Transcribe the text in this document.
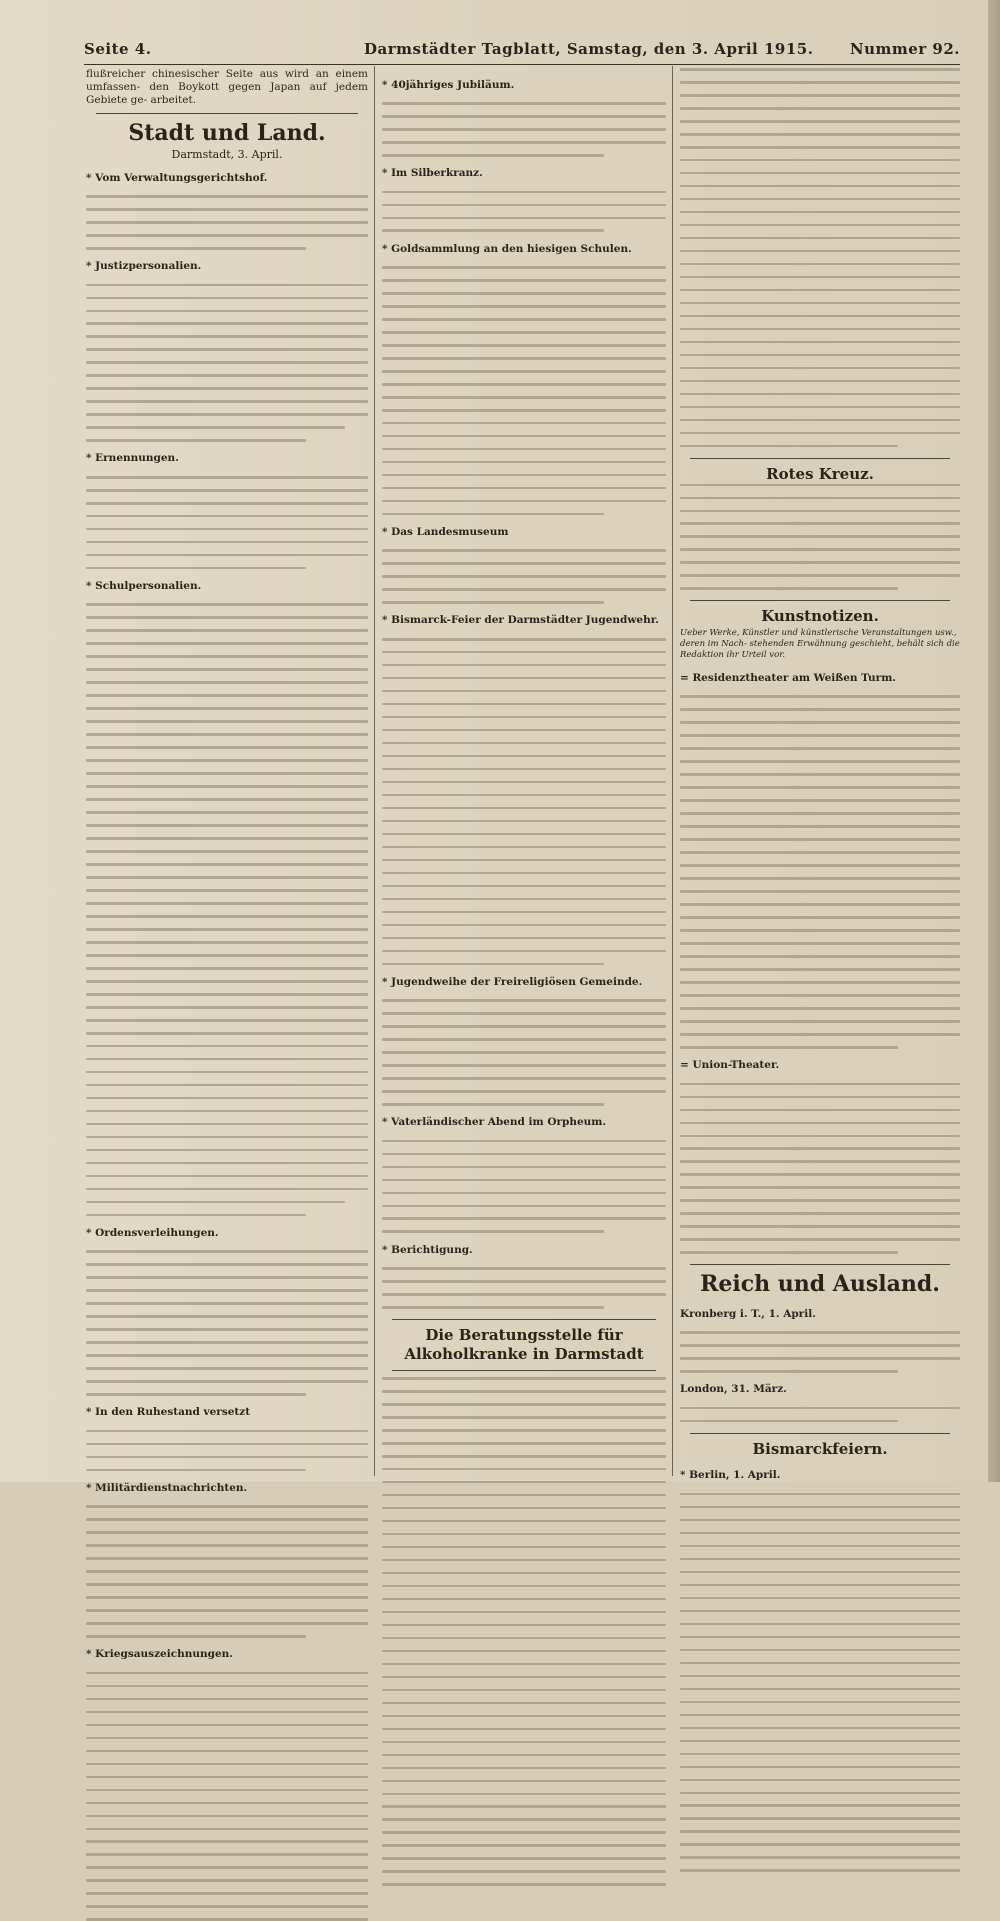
Seite 4.	Darmstädter Tagblatt, Samstag, den 3. April 1915. Nummer 92.

flußreicher chinesischer Seite aus wird an einem umfassen- den Boykott gegen Japan auf jedem Gebiete ge- arbeitet.

Stadt und Land.

Darmstadt, 3. April.

* Vom Verwaltungsgerichtshof.

* Justizpersonalien.

* Ernennungen.

* Schulpersonalien.

* Ordensverleihungen.

* In den Ruhestand versetzt

* Militärdienstnachrichten.

* Kriegsauszeichnungen.

* 40jähriges Jubiläum.

* Im Silberkranz.

* Goldsammlung an den hiesigen Schulen.

* Das Landesmuseum

* Bismarck-Feier der Darmstädter Jugendwehr.

* Jugendweihe der Freireligiösen Gemeinde.

* Vaterländischer Abend im Orpheum.

* Berichtigung.

Die Beratungsstelle für Alkoholkranke in Darmstadt

Rotes Kreuz.

Kunstnotizen.

Ueber Werke, Künstler und künstlerische Veranstaltungen usw., deren im Nach- stehenden Erwähnung geschieht, behält sich die Redaktion ihr Urteil vor.

= Residenztheater am Weißen Turm.

= Union-Theater.

Reich und Ausland.

Kronberg i. T., 1. April.

London, 31. März.

Bismarckfeiern.

* Berlin, 1. April.
